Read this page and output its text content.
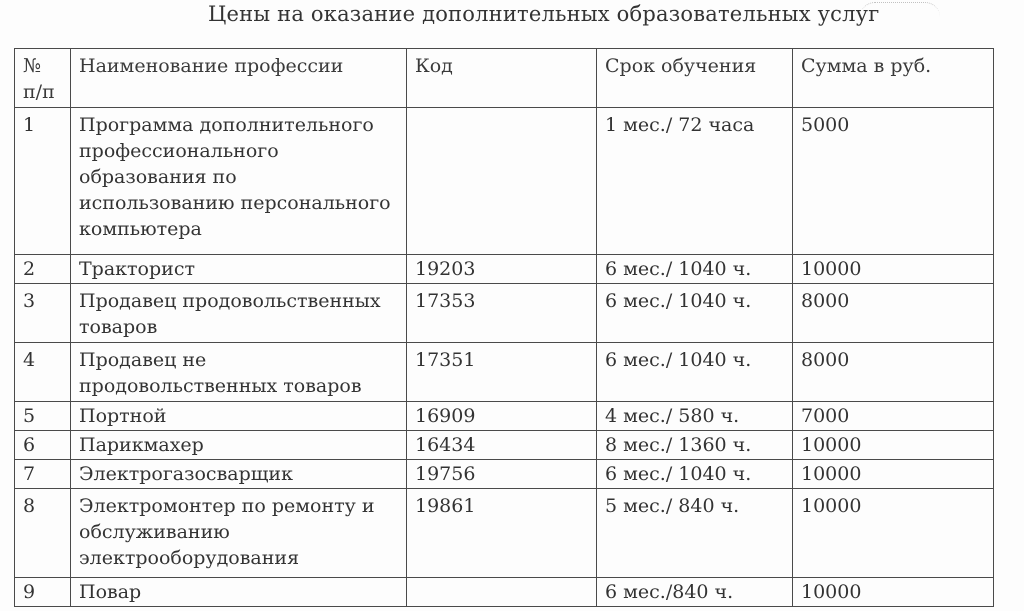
Цены на оказание дополнительных образовательных услуг
№ п/п	Наименование профессии	Код	Срок обучения	Сумма в руб.
1	Программа дополнительного профессионального образования по использованию персонального компьютера		1 мес./ 72 часа	5000
2	Тракторист	19203	6 мес./ 1040 ч.	10000
3	Продавец продовольственных товаров	17353	6 мес./ 1040 ч.	8000
4	Продавец не продовольственных товаров	17351	6 мес./ 1040 ч.	8000
5	Портной	16909	4 мес./ 580 ч.	7000
6	Парикмахер	16434	8 мес./ 1360 ч.	10000
7	Электрогазосварщик	19756	6 мес./ 1040 ч.	10000
8	Электромонтер по ремонту и обслуживанию электрооборудования	19861	5 мес./ 840 ч.	10000
9	Повар		6 мес./840 ч.	10000
